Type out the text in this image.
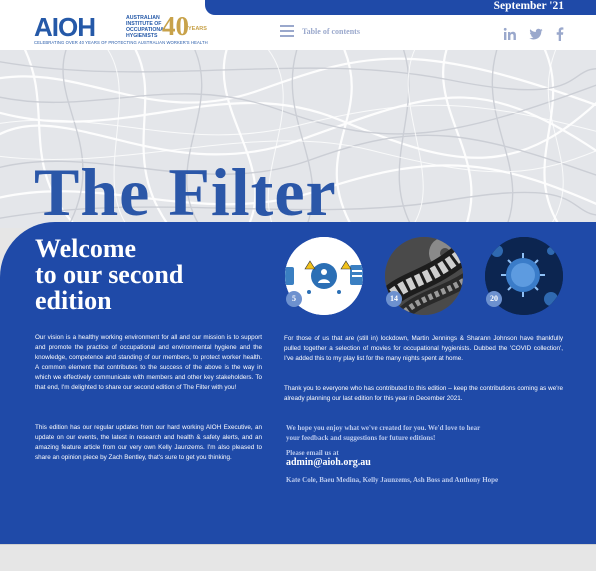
AIOH	AUSTRALIAN INSTITUTE OF OCCUPATIONAL HYGIENISTS 40 YEARS
CELEBRATING OVER 40 YEARS OF PROTECTING AUSTRALIAN WORKER'S HEALTH
Table of contents
September '21
The Filter
Welcome
to our second
edition
Our vision is a healthy working environment for all and our mission is to support and promote the practice of occupational and environmental hygiene and the knowledge, competence and standing of our members, to protect worker health. A common element that contributes to the success of the above is the way in which we effectively communicate with members and other key stakeholders. To that end, I'm delighted to share our second edition of The Filter with you!
This edition has our regular updates from our hard working AIOH Executive, an update on our events, the latest in research and health & safety alerts, and an amazing feature article from our very own Kelly Jaunzems. I'm also pleased to share an opinion piece by Zach Bentley, that's sure to get you thinking.
5	14	20
For those of us that are (still in) lockdown, Martin Jennings & Sharann Johnson have thankfully pulled together a selection of movies for occupational hygienists. Dubbed the 'COVID collection', I've added this to my play list for the many nights spent at home.
Thank you to everyone who has contributed to this edition – keep the contributions coming as we're already planning our last edition for this year in December 2021.
We hope you enjoy what we've created for you. We'd love to hear
your feedback and suggestions for future editions!
Please email us at
admin@aioh.org.au
Kate Cole, Baeu Medina, Kelly Jaunzems, Ash Boss and Anthony Hope
